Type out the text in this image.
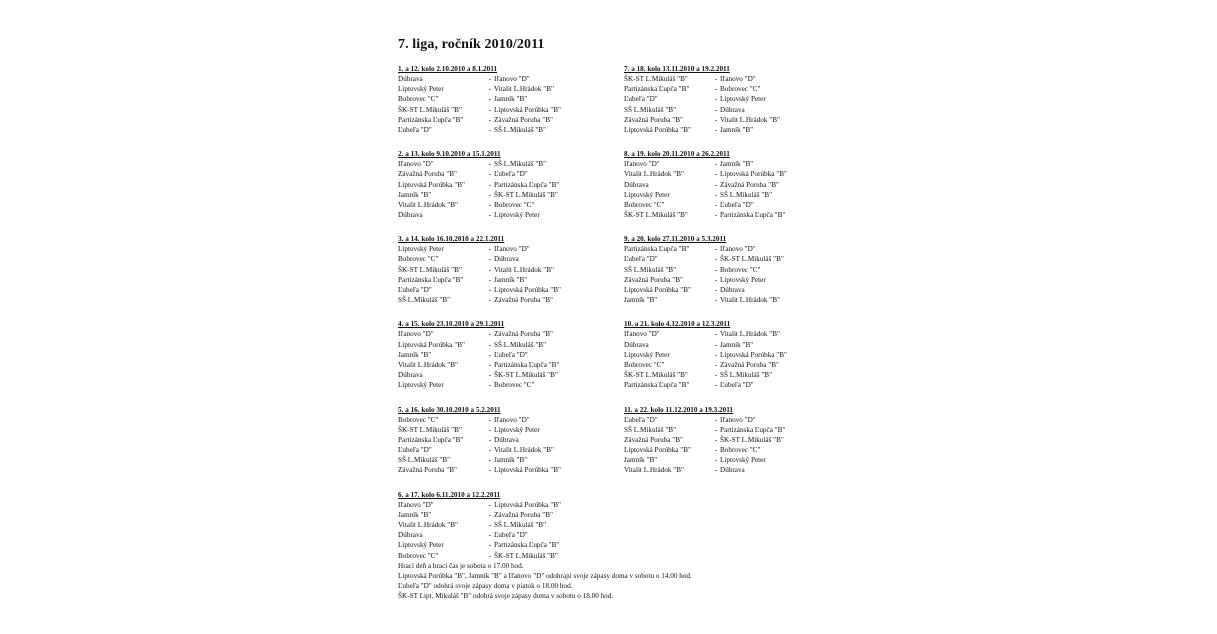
7. liga, ročník 2010/2011
1. a 12. kolo 2.10.2010 a 8.1.2011
Dúbrava	- Iľanovo "D"
Liptovský Peter	- Vitalit L.Hrádok "B"
Bobrovec "C"	- Jamník "B"
ŠK-ST L.Mikuláš "B"	- Liptovská Porúbka "B"
Partizánska Ľupča "B"	- Závažná Poruba "B"
Ľubeľa "D"	- SŠ L.Mikuláš "B"
2. a 13. kolo 9.10.2010 a 15.1.2011
Iľanovo "D"	- SŠ L.Mikuláš "B"
Závažná Poruba "B"	- Ľubeľa "D"
Liptovská Porúbka "B"	- Partizánska Ľupča "B"
Jamník "B"	- ŠK-ST L.Mikuláš "B"
Vitalit L.Hrádok "B"	- Bobrovec "C"
Dúbrava	- Liptovský Peter
3. a 14. kolo 16.10.2010 a 22.1.2011
Liptovský Peter	- Iľanovo "D"
Bobrovec "C"	- Dúbrava
ŠK-ST L.Mikuláš "B"	- Vitalit L.Hrádok "B"
Partizánska Ľupča "B"	- Jamník "B"
Ľubeľa "D"	- Liptovská Porúbka "B"
SŠ L.Mikuláš "B"	- Závažná Poruba "B"
4. a 15. kolo 23.10.2010 a 29.1.2011
Iľanovo "D"	- Závažná Poruba "B"
Liptovská Porúbka "B"	- SŠ L.Mikuláš "B"
Jamník "B"	- Ľubeľa "D"
Vitalit L.Hrádok "B"	- Partizánska Ľupča "B"
Dúbrava	- ŠK-ST L.Mikuláš "B"
Liptovský Peter	- Bobrovec "C"
5. a 16. kolo 30.10.2010 a 5.2.2011
Bobrovec "C"	- Iľanovo "D"
ŠK-ST L.Mikuláš "B"	- Liptovský Peter
Partizánska Ľupča "B"	- Dúbrava
Ľubeľa "D"	- Vitalit L.Hrádok "B"
SŠ L.Mikuláš "B"	- Jamník "B"
Závažná Poruba "B"	- Liptovská Porúbka "B"
6. a 17. kolo 6.11.2010 a 12.2.2011
Iľanovo "D"	- Liptovská Porúbka "B"
Jamník "B"	- Závažná Poruba "B"
Vitalit L.Hrádok "B"	- SŠ L.Mikuláš "B"
Dúbrava	- Ľubeľa "D"
Liptovský Peter	- Partizánska Ľupča "B"
Bobrovec "C"	- ŠK-ST L.Mikuláš "B"
7. a 18. kolo 13.11.2010 a 19.2.2011
ŠK-ST L.Mikuláš "B"	- Iľanovo "D"
Partizánska Ľupča "B"	- Bobrovec "C"
Ľubeľa "D"	- Liptovský Peter
SŠ L.Mikuláš "B"	- Dúbrava
Závažná Poruba "B"	- Vitalit L.Hrádok "B"
Liptovská Porúbka "B"	- Jamník "B"
8. a 19. kolo 20.11.2010 a 26.2.2011
Iľanovo "D"	- Jamník "B"
Vitalit L.Hrádok "B"	- Liptovská Porúbka "B"
Dúbrava	- Závažná Poruba "B"
Liptovský Peter	- SŠ L.Mikuláš "B"
Bobrovec "C"	- Ľubeľa "D"
ŠK-ST L.Mikuláš "B"	- Partizánska Ľupča "B"
9. a 20. kolo 27.11.2010 a 5.3.2011
Partizánska Ľupča "B"	- Iľanovo "D"
Ľubeľa "D"	- ŠK-ST L.Mikuláš "B"
SŠ L.Mikuláš "B"	- Bobrovec "C"
Závažná Poruba "B"	- Liptovský Peter
Liptovská Porúbka "B"	- Dúbrava
Jamník "B"	- Vitalit L.Hrádok "B"
10. a 21. kolo 4.12.2010 a 12.3.2011
Iľanovo "D"	- Vitalit L.Hrádok "B"
Dúbrava	- Jamník "B"
Liptovský Peter	- Liptovská Porúbka "B"
Bobrovec "C"	- Závažná Poruba "B"
ŠK-ST L.Mikuláš "B"	- SŠ L.Mikuláš "B"
Partizánska Ľupča "B"	- Ľubeľa "D"
11. a 22. kolo 11.12.2010 a 19.3.2011
Ľubeľa "D"	- Iľanovo "D"
SŠ L.Mikuláš "B"	- Partizánska Ľupča "B"
Závažná Poruba "B"	- ŠK-ST L.Mikuláš "B"
Liptovská Porúbka "B"	- Bobrovec "C"
Jamník "B"	- Liptovský Peter
Vitalit L.Hrádok "B"	- Dúbrava
Hrací deň a hrací čas je sobota o 17.00 hod.
Liptovská Porúbka "B", Jamník "B" a Iľanovo "D" odohrajú svoje zápasy doma v sobotu o 14.00 hod.
Ľubeľa "D" odohrá svoje zápasy doma v piatok o 18.00 hod.
ŠK-ST Lipt. Mikuláš "B" odohrá svoje zápasy doma v sobotu o 18.00 hod.
